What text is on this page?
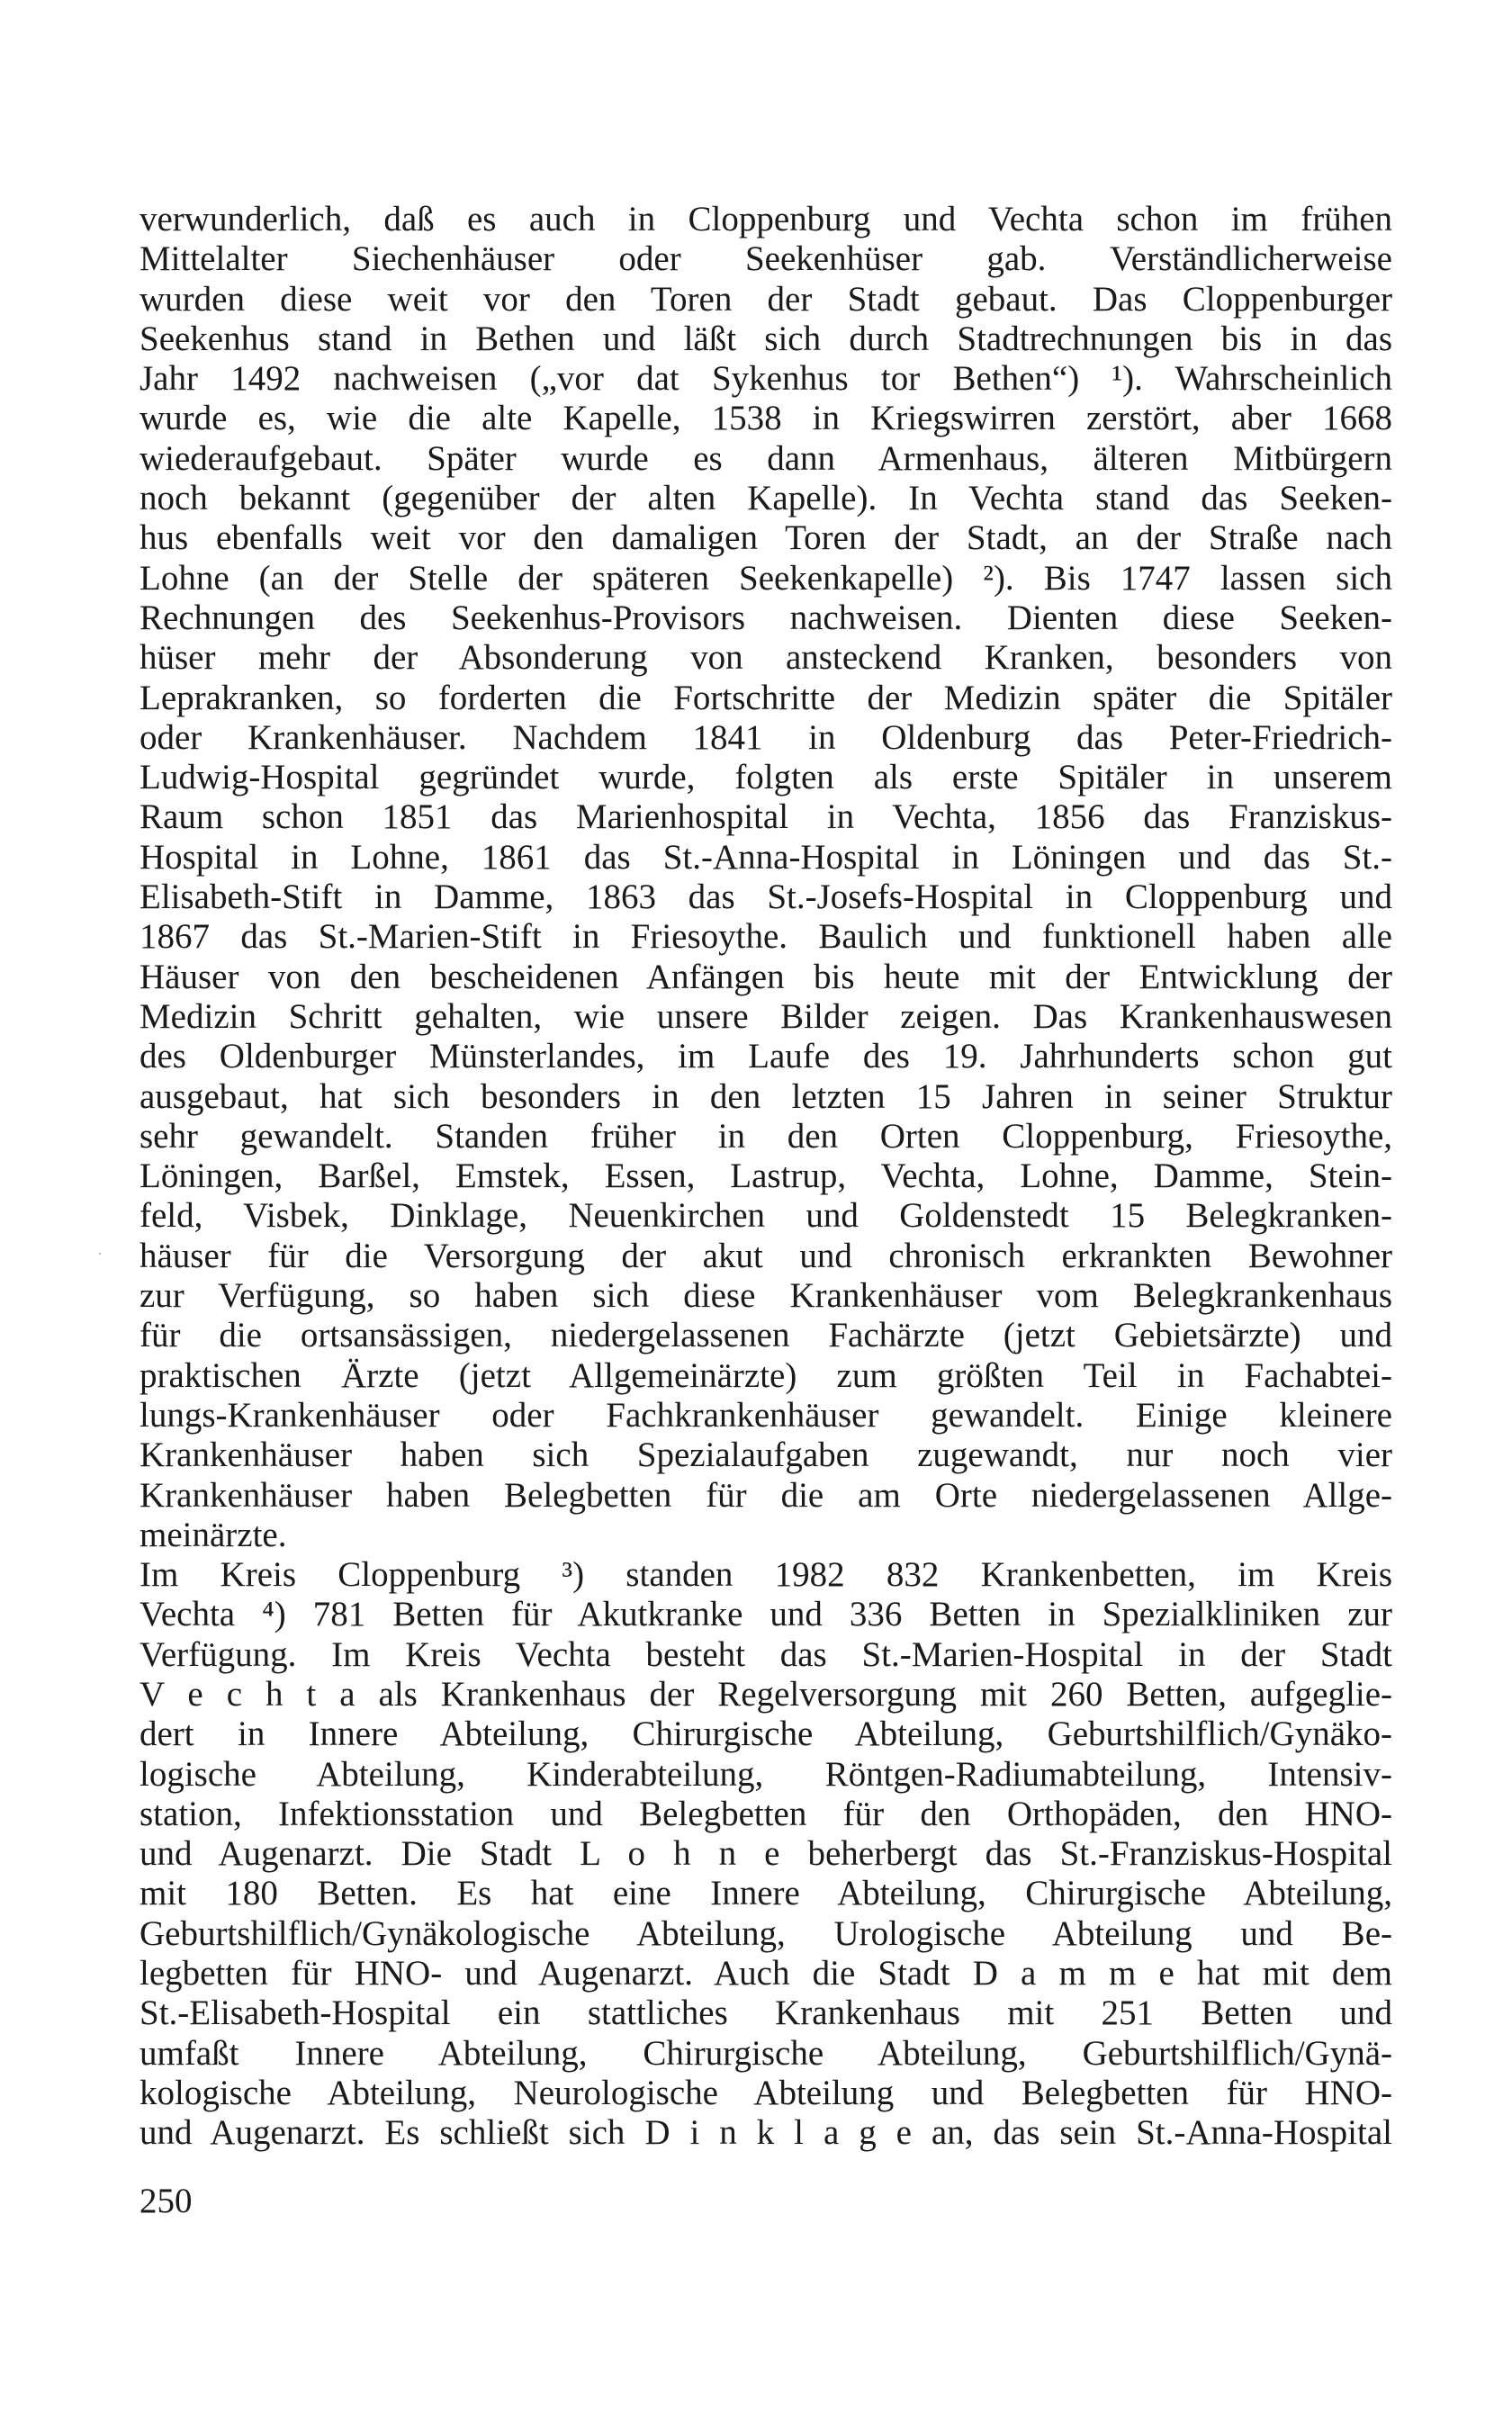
verwunderlich, daß es auch in Cloppenburg und Vechta schon im frühen
Mittelalter Siechenhäuser oder Seekenhüser gab. Verständlicherweise
wurden diese weit vor den Toren der Stadt gebaut. Das Cloppenburger
Seekenhus stand in Bethen und läßt sich durch Stadtrechnungen bis in das
Jahr 1492 nachweisen („vor dat Sykenhus tor Bethen“) ¹). Wahrscheinlich
wurde es, wie die alte Kapelle, 1538 in Kriegswirren zerstört, aber 1668
wiederaufgebaut. Später wurde es dann Armenhaus, älteren Mitbürgern
noch bekannt (gegenüber der alten Kapelle). In Vechta stand das Seeken-
hus ebenfalls weit vor den damaligen Toren der Stadt, an der Straße nach
Lohne (an der Stelle der späteren Seekenkapelle) ²). Bis 1747 lassen sich
Rechnungen des Seekenhus-Provisors nachweisen. Dienten diese Seeken-
hüser mehr der Absonderung von ansteckend Kranken, besonders von
Leprakranken, so forderten die Fortschritte der Medizin später die Spitäler
oder Krankenhäuser. Nachdem 1841 in Oldenburg das Peter-Friedrich-
Ludwig-Hospital gegründet wurde, folgten als erste Spitäler in unserem
Raum schon 1851 das Marienhospital in Vechta, 1856 das Franziskus-
Hospital in Lohne, 1861 das St.-Anna-Hospital in Löningen und das St.-
Elisabeth-Stift in Damme, 1863 das St.-Josefs-Hospital in Cloppenburg und
1867 das St.-Marien-Stift in Friesoythe. Baulich und funktionell haben alle
Häuser von den bescheidenen Anfängen bis heute mit der Entwicklung der
Medizin Schritt gehalten, wie unsere Bilder zeigen. Das Krankenhauswesen
des Oldenburger Münsterlandes, im Laufe des 19. Jahrhunderts schon gut
ausgebaut, hat sich besonders in den letzten 15 Jahren in seiner Struktur
sehr gewandelt. Standen früher in den Orten Cloppenburg, Friesoythe,
Löningen, Barßel, Emstek, Essen, Lastrup, Vechta, Lohne, Damme, Stein-
feld, Visbek, Dinklage, Neuenkirchen und Goldenstedt 15 Belegkranken-
häuser für die Versorgung der akut und chronisch erkrankten Bewohner
zur Verfügung, so haben sich diese Krankenhäuser vom Belegkrankenhaus
für die ortsansässigen, niedergelassenen Fachärzte (jetzt Gebietsärzte) und
praktischen Ärzte (jetzt Allgemeinärzte) zum größten Teil in Fachabtei-
lungs-Krankenhäuser oder Fachkrankenhäuser gewandelt. Einige kleinere
Krankenhäuser haben sich Spezialaufgaben zugewandt, nur noch vier
Krankenhäuser haben Belegbetten für die am Orte niedergelassenen Allge-
meinärzte.
Im Kreis Cloppenburg ³) standen 1982 832 Krankenbetten, im Kreis
Vechta ⁴) 781 Betten für Akutkranke und 336 Betten in Spezialkliniken zur
Verfügung. Im Kreis Vechta besteht das St.-Marien-Hospital in der Stadt
V e c h t a als Krankenhaus der Regelversorgung mit 260 Betten, aufgeglie-
dert in Innere Abteilung, Chirurgische Abteilung, Geburtshilflich/Gynäko-
logische Abteilung, Kinderabteilung, Röntgen-Radiumabteilung, Intensiv-
station, Infektionsstation und Belegbetten für den Orthopäden, den HNO-
und Augenarzt. Die Stadt L o h n e beherbergt das St.-Franziskus-Hospital
mit 180 Betten. Es hat eine Innere Abteilung, Chirurgische Abteilung,
Geburtshilflich/Gynäkologische Abteilung, Urologische Abteilung und Be-
legbetten für HNO- und Augenarzt. Auch die Stadt D a m m e hat mit dem
St.-Elisabeth-Hospital ein stattliches Krankenhaus mit 251 Betten und
umfaßt Innere Abteilung, Chirurgische Abteilung, Geburtshilflich/Gynä-
kologische Abteilung, Neurologische Abteilung und Belegbetten für HNO-
und Augenarzt. Es schließt sich D i n k l a g e an, das sein St.-Anna-Hospital
250
